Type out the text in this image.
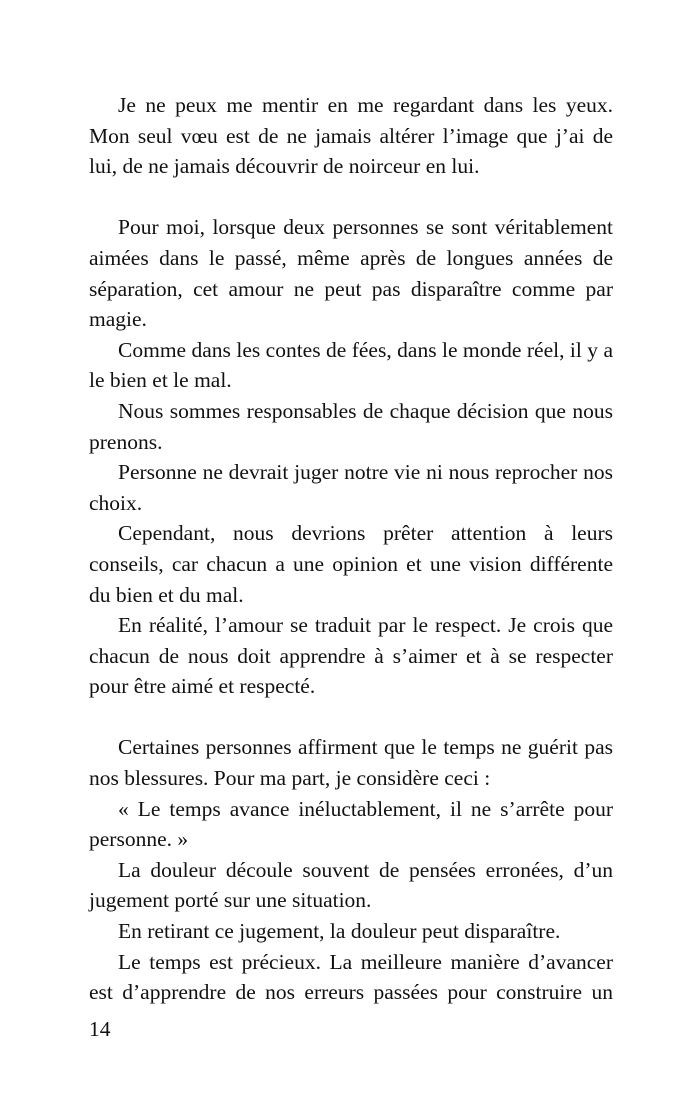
Je ne peux me mentir en me regardant dans les yeux. Mon seul vœu est de ne jamais altérer l’image que j’ai de lui, de ne jamais découvrir de noirceur en lui.

Pour moi, lorsque deux personnes se sont véritablement aimées dans le passé, même après de longues années de séparation, cet amour ne peut pas disparaître comme par magie.

Comme dans les contes de fées, dans le monde réel, il y a le bien et le mal.

Nous sommes responsables de chaque décision que nous prenons.

Personne ne devrait juger notre vie ni nous reprocher nos choix.

Cependant, nous devrions prêter attention à leurs conseils, car chacun a une opinion et une vision différente du bien et du mal.

En réalité, l’amour se traduit par le respect. Je crois que chacun de nous doit apprendre à s’aimer et à se respecter pour être aimé et respecté.

Certaines personnes affirment que le temps ne guérit pas nos blessures. Pour ma part, je considère ceci :

« Le temps avance inéluctablement, il ne s’arrête pour personne. »

La douleur découle souvent de pensées erronées, d’un jugement porté sur une situation.

En retirant ce jugement, la douleur peut disparaître.

Le temps est précieux. La meilleure manière d’avancer est d’apprendre de nos erreurs passées pour construire un

14
